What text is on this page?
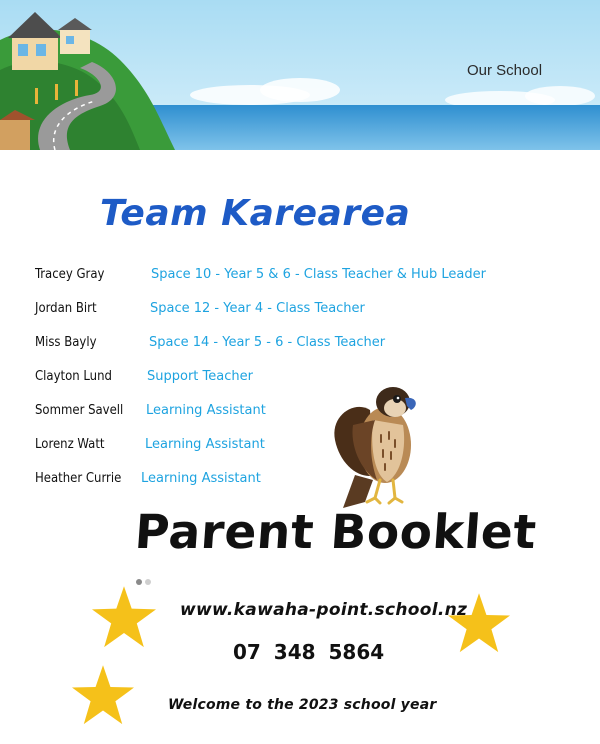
Our School
Team Karearea
Tracey Gray	Space 10 - Year 5 & 6 - Class Teacher & Hub Leader
Jordan Birt	Space 12 - Year 4 - Class Teacher
Miss Bayly	Space 14 - Year 5 - 6 - Class Teacher
Clayton Lund	Support Teacher
Sommer Savell Learning Assistant
Lorenz Watt	Learning Assistant
Heather Currie Learning Assistant
Parent Booklet
www.kawaha-point.school.nz
07 348 5864
Welcome to the 2023 school year
